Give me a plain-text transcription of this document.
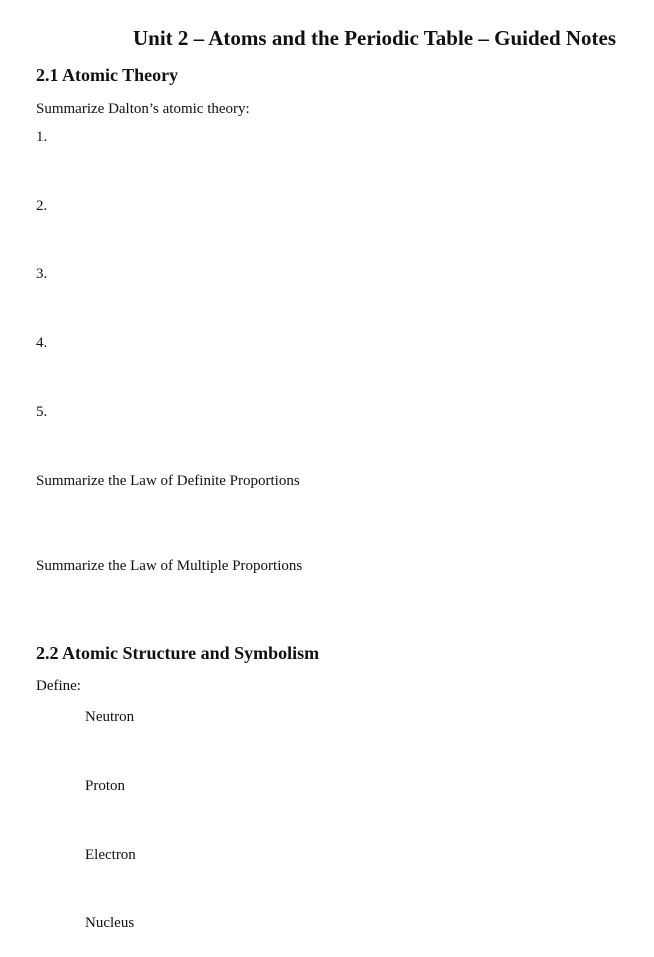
Unit 2 – Atoms and the Periodic Table – Guided Notes
2.1 Atomic Theory
Summarize Dalton’s atomic theory:
1.
2.
3.
4.
5.
Summarize the Law of Definite Proportions
Summarize the Law of Multiple Proportions
2.2 Atomic Structure and Symbolism
Define:
Neutron
Proton
Electron
Nucleus
